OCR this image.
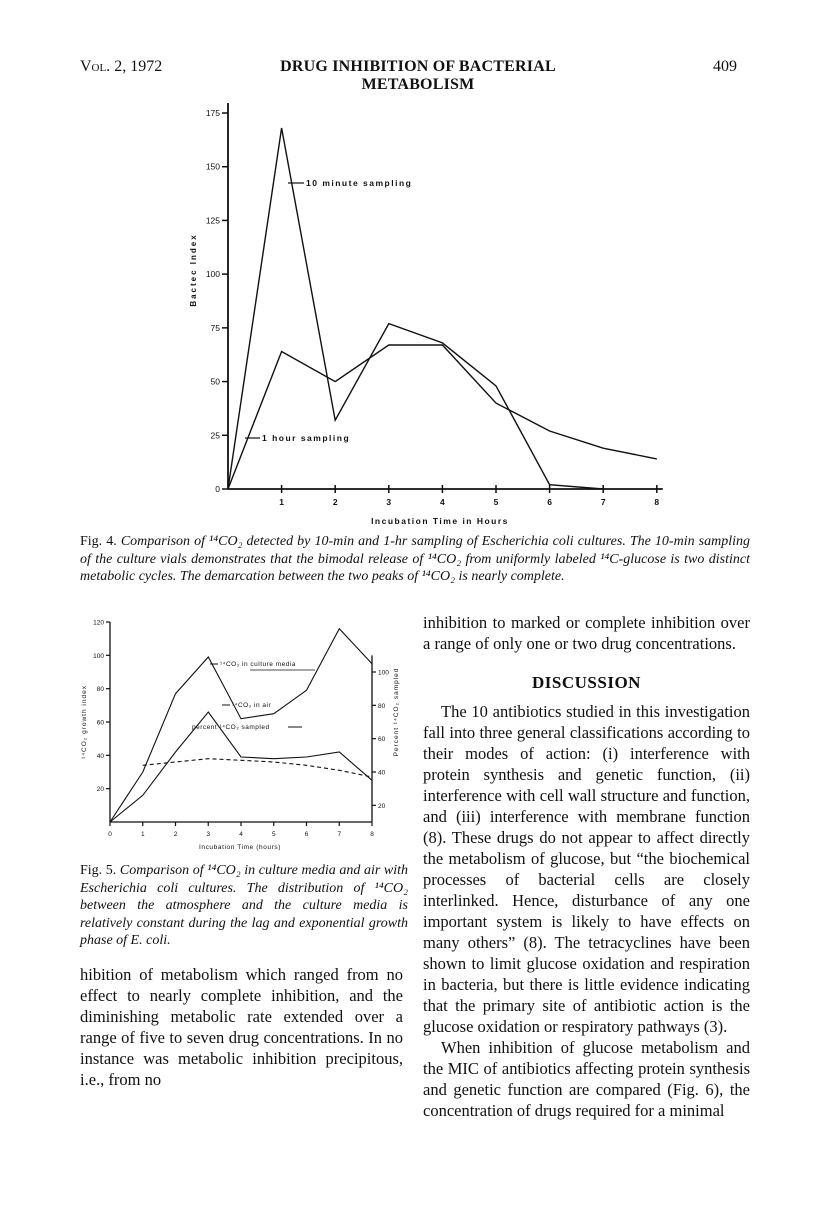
Vol. 2, 1972	DRUG INHIBITION OF BACTERIAL METABOLISM
409
0
25
50
75
100
125
150
175
1	2	3	4	5	6	7	8
Bactec Index
Incubation Time in Hours
10 minute sampling
1 hour sampling
Fig. 4. Comparison of ¹⁴CO₂ detected by 10-min and 1-hr sampling of Escherichia coli cultures. The 10-min sampling of the culture vials demonstrates that the bimodal release of ¹⁴CO₂ from uniformly labeled ¹⁴C-glucose is two distinct metabolic cycles. The demarcation between the two peaks of ¹⁴CO₂ is nearly complete.
20
40
60
80
100
120
20
40
60
80
100
0	1	2	3	4	5	6	7	8
¹⁴CO₂ growth index	Percent ¹⁴CO₂ sampled
Incubation Time (hours)
¹⁴CO₂ in culture media
¹⁴CO₂ in air
percent ¹⁴CO₂ sampled
Fig. 5. Comparison of ¹⁴CO₂ in culture media and air with Escherichia coli cultures. The distribution of ¹⁴CO₂ between the atmosphere and the culture media is relatively constant during the lag and exponential growth phase of E. coli.
hibition of metabolism which ranged from no effect to nearly complete inhibition, and the diminishing metabolic rate extended over a range of five to seven drug concentrations. In no instance was metabolic inhibition precipitous, i.e., from no

inhibition to marked or complete inhibition over a range of only one or two drug concentrations.

DISCUSSION

The 10 antibiotics studied in this investigation fall into three general classifications according to their modes of action: (i) interference with protein synthesis and genetic function, (ii) interference with cell wall structure and function, and (iii) interference with membrane function (8). These drugs do not appear to affect directly the metabolism of glucose, but “the biochemical processes of bacterial cells are closely interlinked. Hence, disturbance of any one important system is likely to have effects on many others” (8). The tetracyclines have been shown to limit glucose oxidation and respiration in bacteria, but there is little evidence indicating that the primary site of antibiotic action is the glucose oxidation or respiratory pathways (3).

When inhibition of glucose metabolism and the MIC of antibiotics affecting protein synthesis and genetic function are compared (Fig. 6), the concentration of drugs required for a minimal
